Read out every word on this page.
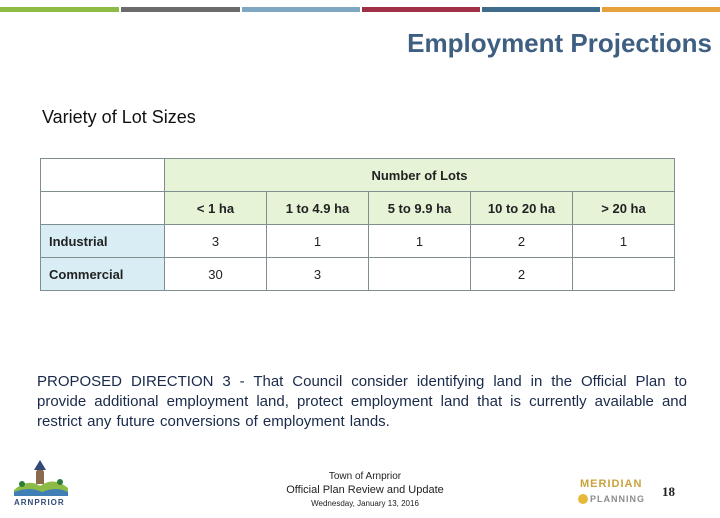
Employment Projections
Variety of Lot Sizes
	Number of Lots				
	< 1 ha	1 to 4.9 ha	5 to 9.9 ha	10 to 20 ha	> 20 ha
Industrial	3	1	1	2	1
Commercial	30	3		2	
PROPOSED DIRECTION 3 - That Council consider identifying land in the Official Plan to provide additional employment land, protect employment land that is currently available and restrict any future conversions of employment lands.
ARNPRIOR
Town of Arnprior
Official Plan Review and Update
Wednesday, January 13, 2016
MERIDIAN
PLANNING 18
